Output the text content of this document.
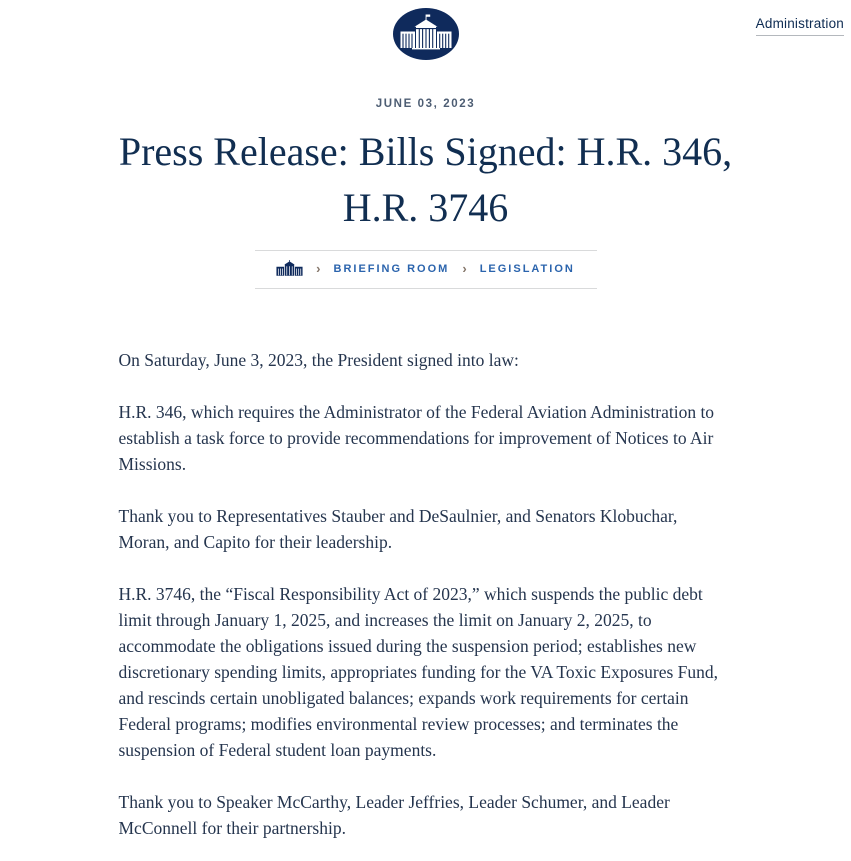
Administration
JUNE 03, 2023
Press Release: Bills Signed: H.R. 346,
H.R. 3746
› BRIEFING ROOM › LEGISLATION

On Saturday, June 3, 2023, the President signed into law:

H.R. 346, which requires the Administrator of the Federal Aviation Administration to establish a task force to provide recommendations for improvement of Notices to Air Missions.

Thank you to Representatives Stauber and DeSaulnier, and Senators Klobuchar, Moran, and Capito for their leadership.

H.R. 3746, the “Fiscal Responsibility Act of 2023,” which suspends the public debt limit through January 1, 2025, and increases the limit on January 2, 2025, to accommodate the obligations issued during the suspension period; establishes new discretionary spending limits, appropriates funding for the VA Toxic Exposures Fund, and rescinds certain unobligated balances; expands work requirements for certain Federal programs; modifies environmental review processes; and terminates the suspension of Federal student loan payments.

Thank you to Speaker McCarthy, Leader Jeffries, Leader Schumer, and Leader McConnell for their partnership.
